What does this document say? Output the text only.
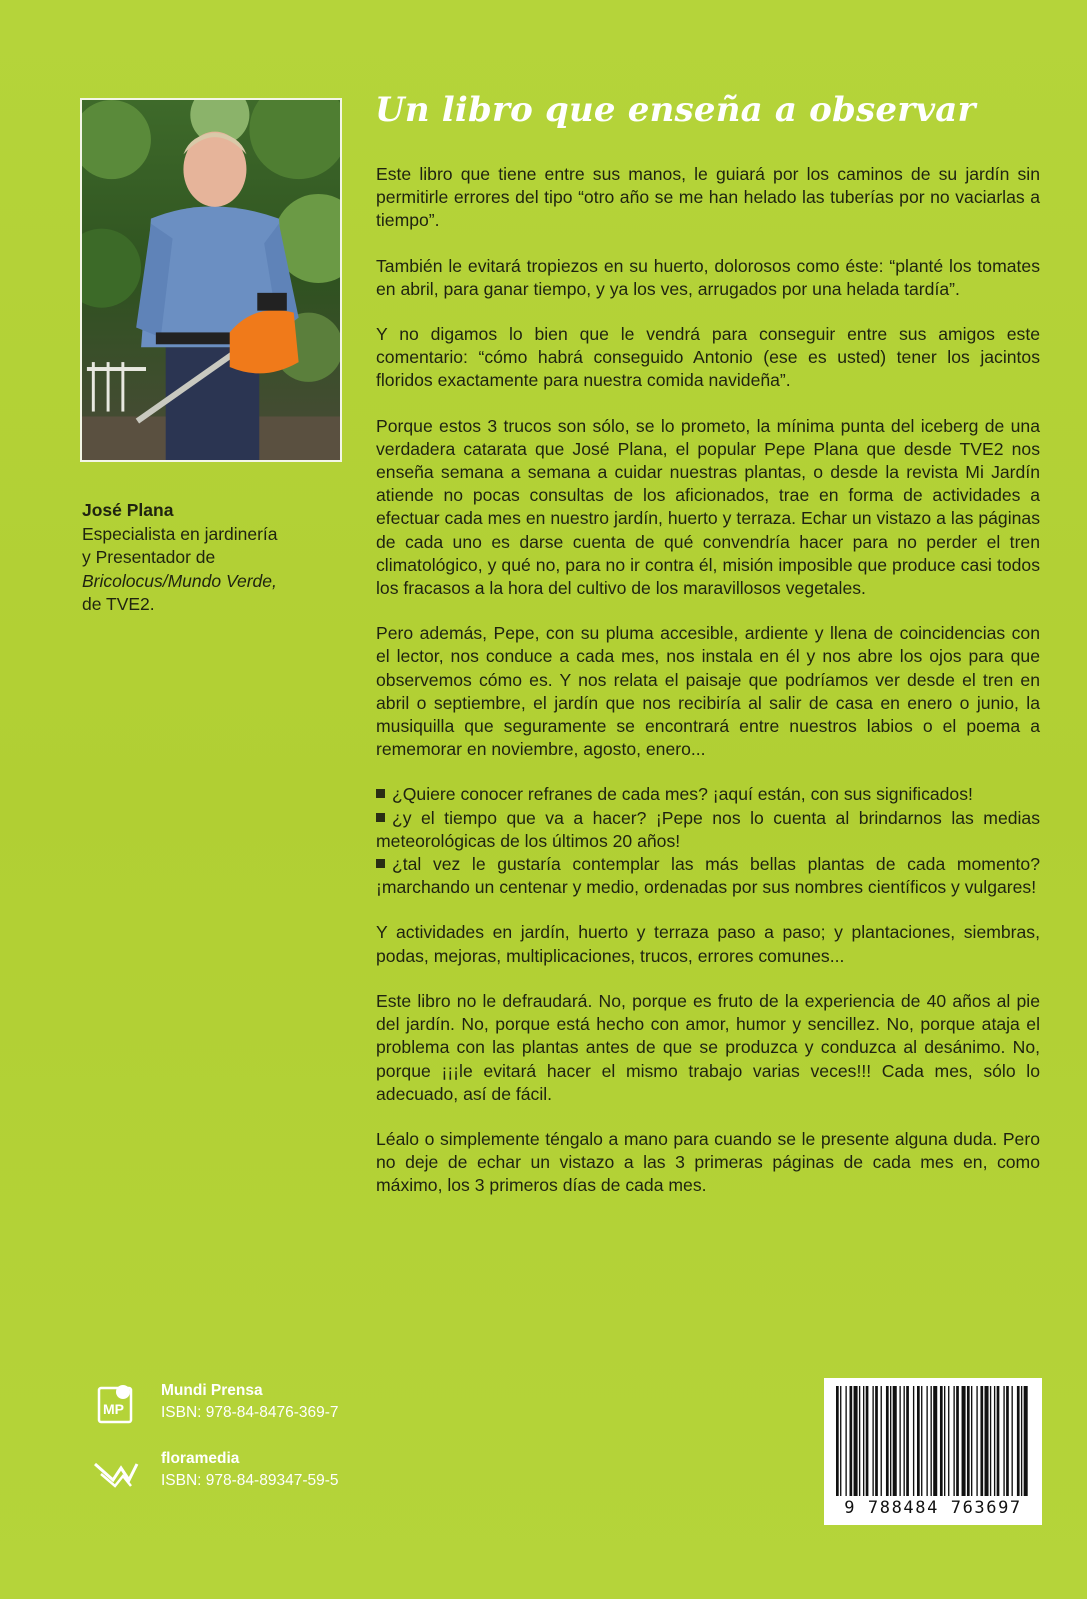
José Plana
Especialista en jardinería
y Presentador de
Bricolocus/Mundo Verde,
de TVE2.
Un libro que enseña a observar

Este libro que tiene entre sus manos, le guiará por los caminos de su jardín sin permitirle errores del tipo “otro año se me han helado las tuberías por no vaciarlas a tiempo”.

También le evitará tropiezos en su huerto, dolorosos como éste: “planté los tomates en abril, para ganar tiempo, y ya los ves, arrugados por una helada tardía”.

Y no digamos lo bien que le vendrá para conseguir entre sus amigos este comentario: “cómo habrá conseguido Antonio (ese es usted) tener los jacintos floridos exactamente para nuestra comida navideña”.

Porque estos 3 trucos son sólo, se lo prometo, la mínima punta del iceberg de una verdadera catarata que José Plana, el popular Pepe Plana que desde TVE2 nos enseña semana a semana a cuidar nuestras plantas, o desde la revista Mi Jardín atiende no pocas consultas de los aficionados, trae en forma de actividades a efectuar cada mes en nuestro jardín, huerto y terraza. Echar un vistazo a las páginas de cada uno es darse cuenta de qué convendría hacer para no perder el tren climatológico, y qué no, para no ir contra él, misión imposible que produce casi todos los fracasos a la hora del cultivo de los maravillosos vegetales.

Pero además, Pepe, con su pluma accesible, ardiente y llena de coincidencias con el lector, nos conduce a cada mes, nos instala en él y nos abre los ojos para que observemos cómo es. Y nos relata el paisaje que podríamos ver desde el tren en abril o septiembre, el jardín que nos recibiría al salir de casa en enero o junio, la musiquilla que seguramente se encontrará entre nuestros labios o el poema a rememorar en noviembre, agosto, enero...

¿Quiere conocer refranes de cada mes? ¡aquí están, con sus significados!
¿y el tiempo que va a hacer? ¡Pepe nos lo cuenta al brindarnos las medias meteorológicas de los últimos 20 años!
¿tal vez le gustaría contemplar las más bellas plantas de cada momento? ¡marchando un centenar y medio, ordenadas por sus nombres científicos y vulgares!

Y actividades en jardín, huerto y terraza paso a paso; y plantaciones, siembras, podas, mejoras, multiplicaciones, trucos, errores comunes...

Este libro no le defraudará. No, porque es fruto de la experiencia de 40 años al pie del jardín. No, porque está hecho con amor, humor y sencillez. No, porque ataja el problema con las plantas antes de que se produzca y conduzca al desánimo. No, porque ¡¡¡le evitará hacer el mismo trabajo varias veces!!! Cada mes, sólo lo adecuado, así de fácil.

Léalo o simplemente téngalo a mano para cuando se le presente alguna duda. Pero no deje de echar un vistazo a las 3 primeras páginas de cada mes en, como máximo, los 3 primeros días de cada mes.

MP
Mundi Prensa
ISBN: 978-84-8476-369-7
floramedia
ISBN: 978-84-89347-59-5
9 788484 763697
